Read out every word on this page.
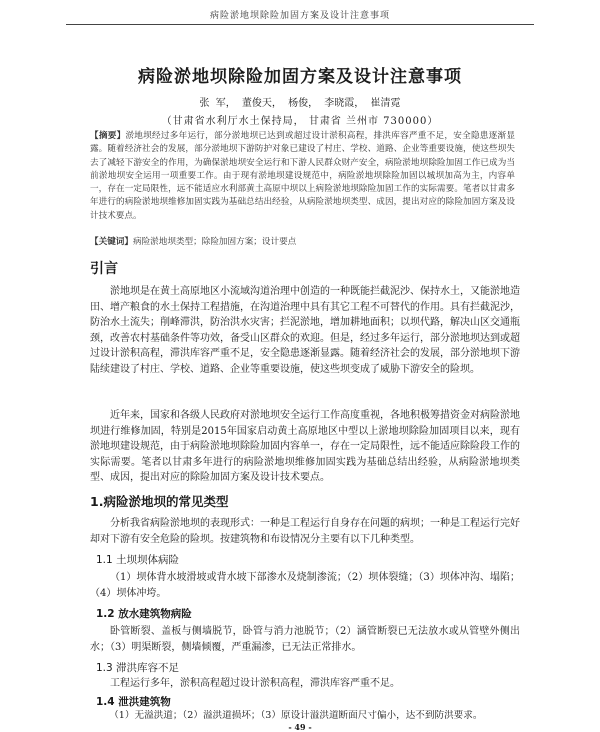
病险淤地坝除险加固方案及设计注意事项
病险淤地坝除险加固方案及设计注意事项
张 军， 董俊天， 杨俊， 李晓霞， 崔清霓
（甘肃省水利厅水土保持局， 甘肃省 兰州市 730000）
【摘要】淤地坝经过多年运行，部分淤地坝已达到或超过设计淤积高程，排洪库容严重不足，安全隐患逐渐显露。随着经济社会的发展，部分淤地坝下游防护对象已建设了村庄、学校、道路、企业等重要设施，使这些坝失去了减轻下游安全的作用，为确保淤地坝安全运行和下游人民群众财产安全，病险淤地坝除险加固工作已成为当前淤地坝安全运用一项重要工作。由于现有淤地坝建设规范中，病险淤地坝除险加固以城坝加高为主，内容单一，存在一定局限性，远不能适应水利部黄土高原中坝以上病险淤地坝除险加固工作的实际需要。笔者以甘肃多年进行的病险淤地坝维修加固实践为基础总结出经验，从病险淤地坝类型、成因，提出对应的除险加固方案及设计技术要点。
【关键词】病险淤地坝类型；除险加固方案；设计要点
引言
淤地坝是在黄土高原地区小流域沟道治理中创造的一种既能拦截泥沙、保持水土，又能淤地造田、增产粮食的水土保持工程措施，在沟道治理中具有其它工程不可替代的作用。具有拦截泥沙，防治水土流失；削峰滞洪，防治洪水灾害；拦泥淤地，增加耕地面积；以坝代路，解决山区交通瓶颈，改善农村基础条件等功效，备受山区群众的欢迎。但是，经过多年运行，部分淤地坝达到或超过设计淤积高程，滞洪库容严重不足，安全隐患逐渐显露。随着经济社会的发展，部分淤地坝下游陆续建设了村庄、学校、道路、企业等重要设施，使这些坝变成了威胁下游安全的险坝。
近年来，国家和各级人民政府对淤地坝安全运行工作高度重视，各地积极筹措资金对病险淤地坝进行维修加固，特别是2015年国家启动黄土高原地区中型以上淤地坝除险加固项目以来，现有淤地坝建设规范，由于病险淤地坝除险加固内容单一，存在一定局限性，远不能适应除险段工作的实际需要。笔者以甘肃多年进行的病险淤地坝维修加固实践为基础总结出经验，从病险淤地坝类型、成因，提出对应的除险加固方案及设计技术要点。
1.病险淤地坝的常见类型
分析我省病险淤地坝的表现形式：一种是工程运行自身存在问题的病坝；一种是工程运行完好却对下游有安全危险的险坝。按建筑物和布设情况分主要有以下几种类型。
1.1 土坝坝体病险
（1）坝体背水坡滑坡或背水坡下部渗水及烧制渗流；（2）坝体裂缝；（3）坝体冲沟、塌陷；（4）坝体冲垮。
1.2 放水建筑物病险
卧管断裂、盖板与侧墙脱节，卧管与消力池脱节；（2）涵管断裂已无法放水或从管壁外侧出水；（3）明渠断裂，侧墙倾覆，严重漏渗，已无法正常排水。
1.3 滞洪库容不足
工程运行多年，淤积高程超过设计淤积高程，滞洪库容严重不足。
1.4 泄洪建筑物
- 49 -
（1）无溢洪道；（2）溢洪道损坏；（3）原设计溢洪道断面尺寸偏小，达不到防洪要求。
